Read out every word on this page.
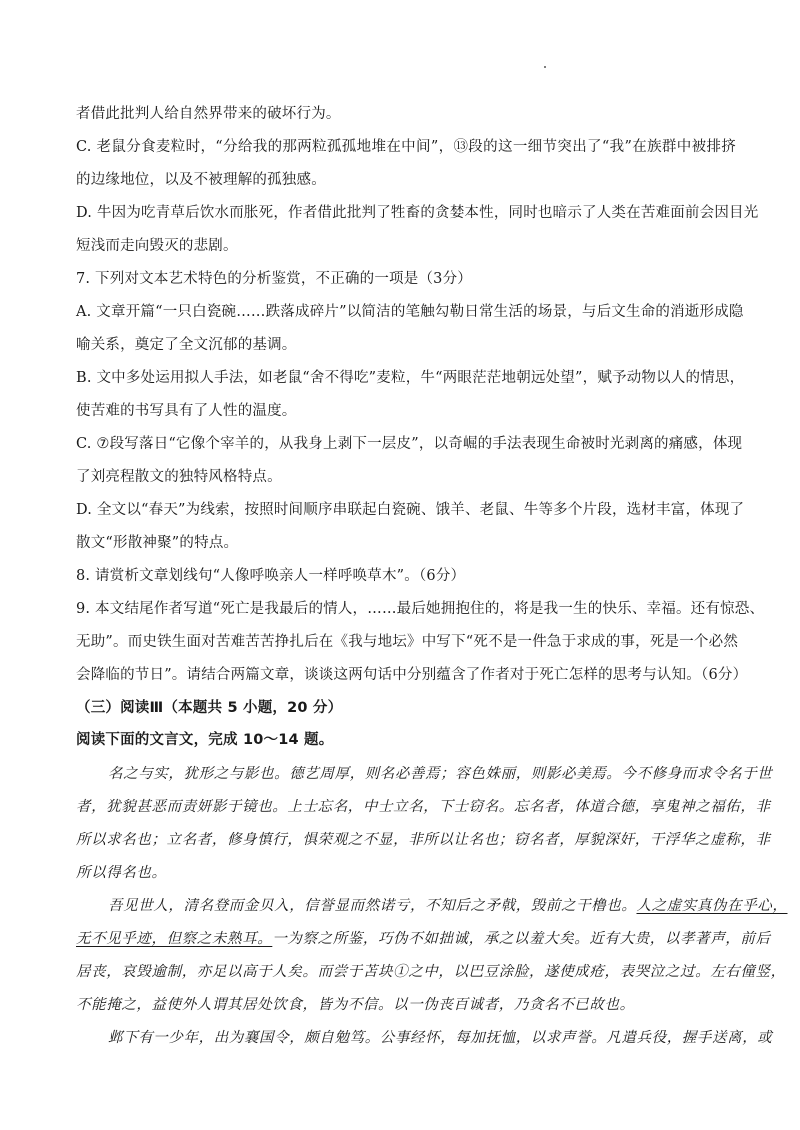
者借此批判人给自然界带来的破坏行为。
C. 老鼠分食麦粒时，“分给我的那两粒孤孤地堆在中间”，⑬段的这一细节突出了“我”在族群中被排挤
的边缘地位，以及不被理解的孤独感。
D. 牛因为吃青草后饮水而胀死，作者借此批判了牲畜的贪婪本性，同时也暗示了人类在苦难面前会因目光
短浅而走向毁灭的悲剧。
7. 下列对文本艺术特色的分析鉴赏，不正确的一项是（3分）
A. 文章开篇“一只白瓷碗……跌落成碎片”以简洁的笔触勾勒日常生活的场景，与后文生命的消逝形成隐
喻关系，奠定了全文沉郁的基调。
B. 文中多处运用拟人手法，如老鼠“舍不得吃”麦粒，牛“两眼茫茫地朝远处望”，赋予动物以人的情思，
使苦难的书写具有了人性的温度。
C. ⑦段写落日“它像个宰羊的，从我身上剥下一层皮”，以奇崛的手法表现生命被时光剥离的痛感，体现
了刘亮程散文的独特风格特点。
D. 全文以“春天”为线索，按照时间顺序串联起白瓷碗、饿羊、老鼠、牛等多个片段，选材丰富，体现了
散文“形散神聚”的特点。
8. 请赏析文章划线句“人像呼唤亲人一样呼唤草木”。（6分）
9. 本文结尾作者写道“死亡是我最后的情人，……最后她拥抱住的，将是我一生的快乐、幸福。还有惊恐、
无助”。而史铁生面对苦难苦苦挣扎后在《我与地坛》中写下“死不是一件急于求成的事，死是一个必然
会降临的节日”。请结合两篇文章，谈谈这两句话中分别蕴含了作者对于死亡怎样的思考与认知。（6分）
（三）阅读Ⅲ（本题共 5 小题，20 分）
阅读下面的文言文，完成 10～14 题。
名之与实，犹形之与影也。德艺周厚，则名必善焉；容色姝丽，则影必美焉。今不修身而求令名于世
者，犹貌甚恶而责妍影于镜也。上士忘名，中士立名，下士窃名。忘名者，体道合德，享鬼神之福佑，非
所以求名也；立名者，修身慎行，惧荣观之不显，非所以让名也；窃名者，厚貌深奸，干浮华之虚称，非
所以得名也。
吾见世人，清名登而金贝入，信誉显而然诺亏，不知后之矛戟，毁前之干橹也。人之虚实真伪在乎心，
无不见乎迹，但察之未熟耳。一为察之所鉴，巧伪不如拙诚，承之以羞大矣。近有大贵，以孝著声，前后
居丧，哀毁逾制，亦足以高于人矣。而尝于苫块①之中，以巴豆涂脸，遂使成疮，表哭泣之过。左右僮竖，
不能掩之，益使外人谓其居处饮食，皆为不信。以一伪丧百诚者，乃贪名不已故也。
邺下有一少年，出为襄国令，颇自勉笃。公事经怀，每加抚恤，以求声誉。凡遣兵役，握手送离，或
